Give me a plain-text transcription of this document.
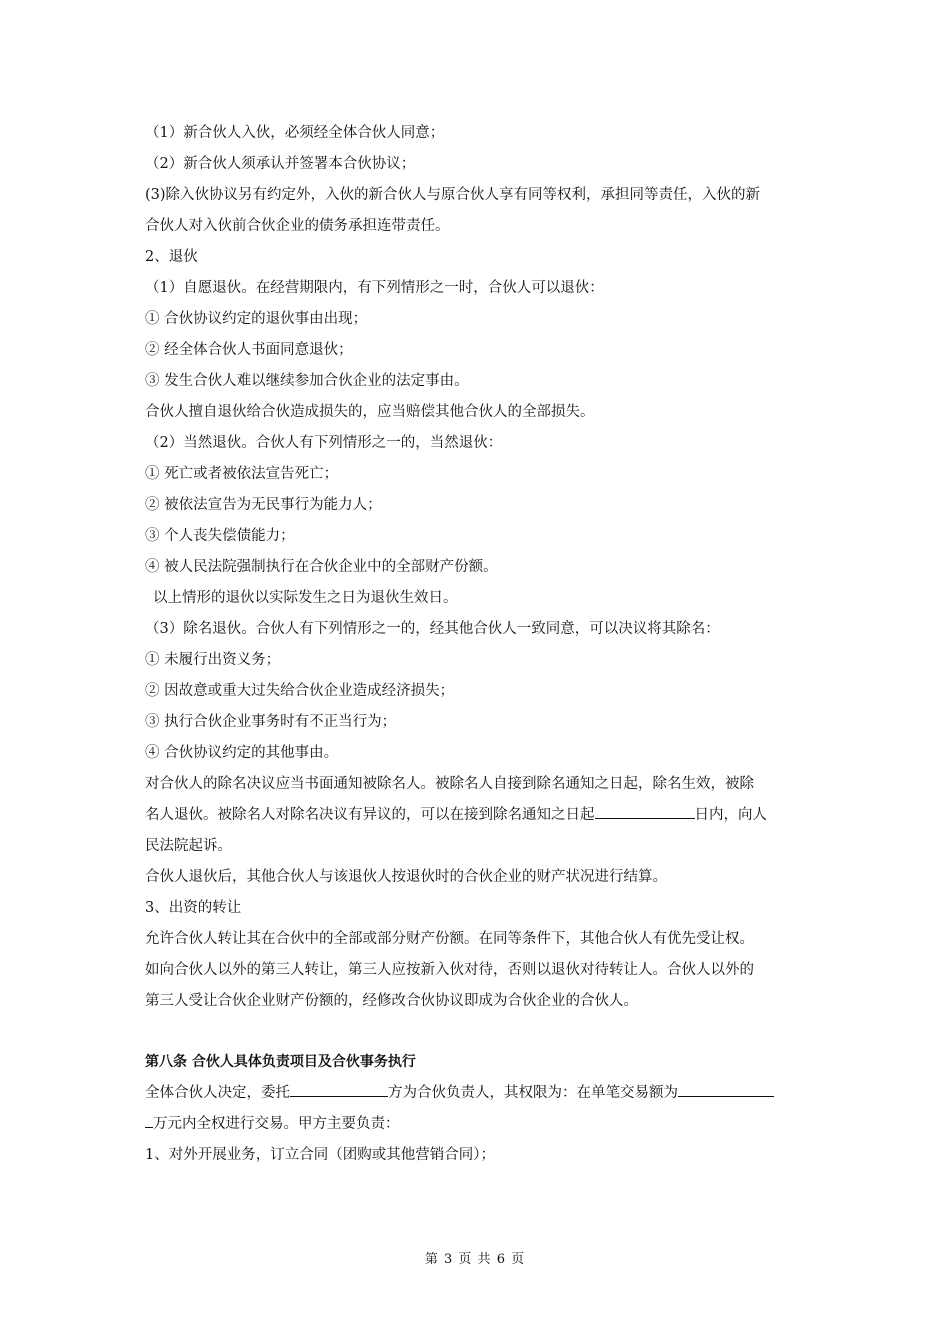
（1）新合伙人入伙，必须经全体合伙人同意；
（2）新合伙人须承认并签署本合伙协议；
(3)除入伙协议另有约定外，入伙的新合伙人与原合伙人享有同等权利，承担同等责任，入伙的新
合伙人对入伙前合伙企业的债务承担连带责任。
2、退伙
（1）自愿退伙。在经营期限内，有下列情形之一时，合伙人可以退伙：
① 合伙协议约定的退伙事由出现；
② 经全体合伙人书面同意退伙；
③ 发生合伙人难以继续参加合伙企业的法定事由。
合伙人擅自退伙给合伙造成损失的，应当赔偿其他合伙人的全部损失。
（2）当然退伙。合伙人有下列情形之一的，当然退伙：
① 死亡或者被依法宣告死亡；
② 被依法宣告为无民事行为能力人；
③ 个人丧失偿债能力；
④ 被人民法院强制执行在合伙企业中的全部财产份额。
以上情形的退伙以实际发生之日为退伙生效日。
（3）除名退伙。合伙人有下列情形之一的，经其他合伙人一致同意，可以决议将其除名：
① 未履行出资义务；
② 因故意或重大过失给合伙企业造成经济损失；
③ 执行合伙企业事务时有不正当行为；
④ 合伙协议约定的其他事由。
对合伙人的除名决议应当书面通知被除名人。被除名人自接到除名通知之日起，除名生效，被除
名人退伙。被除名人对除名决议有异议的，可以在接到除名通知之日起	日内，向人
民法院起诉。
合伙人退伙后，其他合伙人与该退伙人按退伙时的合伙企业的财产状况进行结算。
3、出资的转让
允许合伙人转让其在合伙中的全部或部分财产份额。在同等条件下，其他合伙人有优先受让权。
如向合伙人以外的第三人转让，第三人应按新入伙对待，否则以退伙对待转让人。合伙人以外的
第三人受让合伙企业财产份额的，经修改合伙协议即成为合伙企业的合伙人。
第八条 合伙人具体负责项目及合伙事务执行
全体合伙人决定，委托	方为合伙负责人，其权限为：在单笔交易额为
万元内全权进行交易。甲方主要负责：
1、对外开展业务，订立合同（团购或其他营销合同）；
第 3 页 共 6 页
